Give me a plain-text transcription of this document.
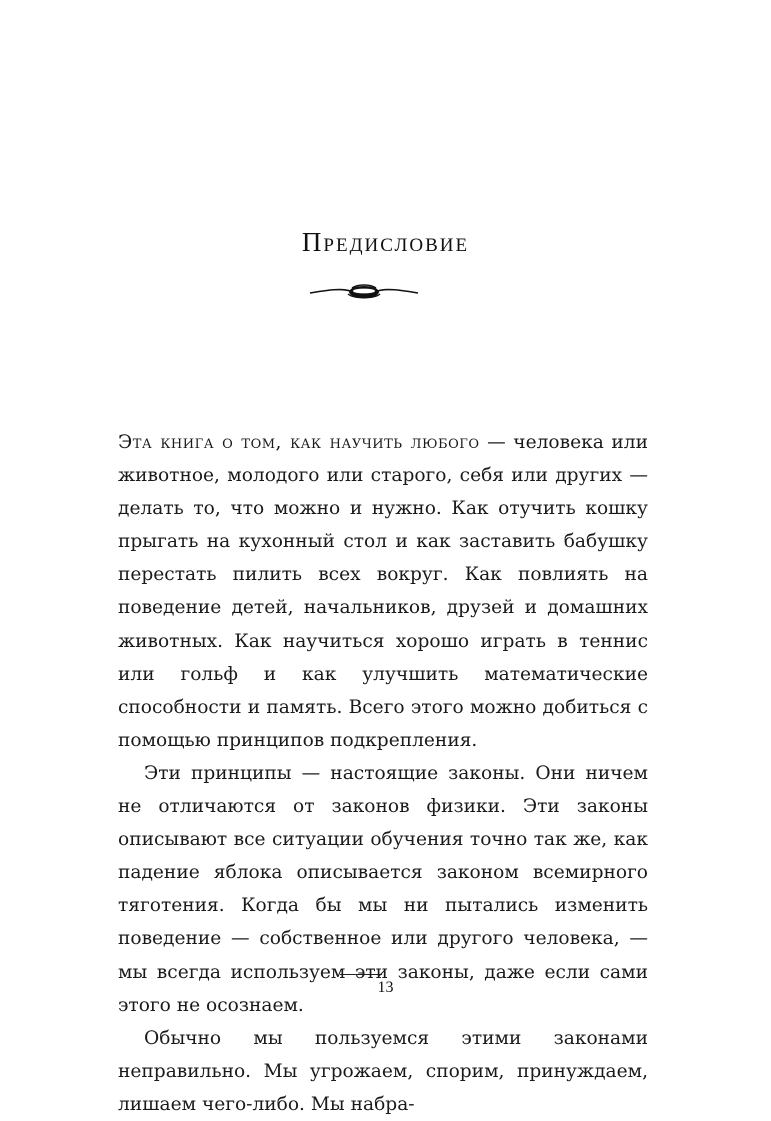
Предисловие

Эта книга о том, как научить любого — человека или животное, молодого или старого, себя или других — делать то, что можно и нужно. Как отучить кошку прыгать на кухонный стол и как заставить бабушку перестать пилить всех вокруг. Как повлиять на поведение детей, начальников, друзей и домашних животных. Как научиться хорошо играть в теннис или гольф и как улучшить математические способности и память. Всего этого можно добиться с помощью принципов подкрепления.

Эти принципы — настоящие законы. Они ничем не отличаются от законов физики. Эти законы описывают все ситуации обучения точно так же, как падение яблока описывается законом всемирного тяготения. Когда бы мы ни пытались изменить поведение — собственное или другого человека, — мы всегда используем эти законы, даже если сами этого не осознаем.

Обычно мы пользуемся этими законами неправильно. Мы угрожаем, спорим, принуждаем, лишаем чего-либо. Мы набра-

13
